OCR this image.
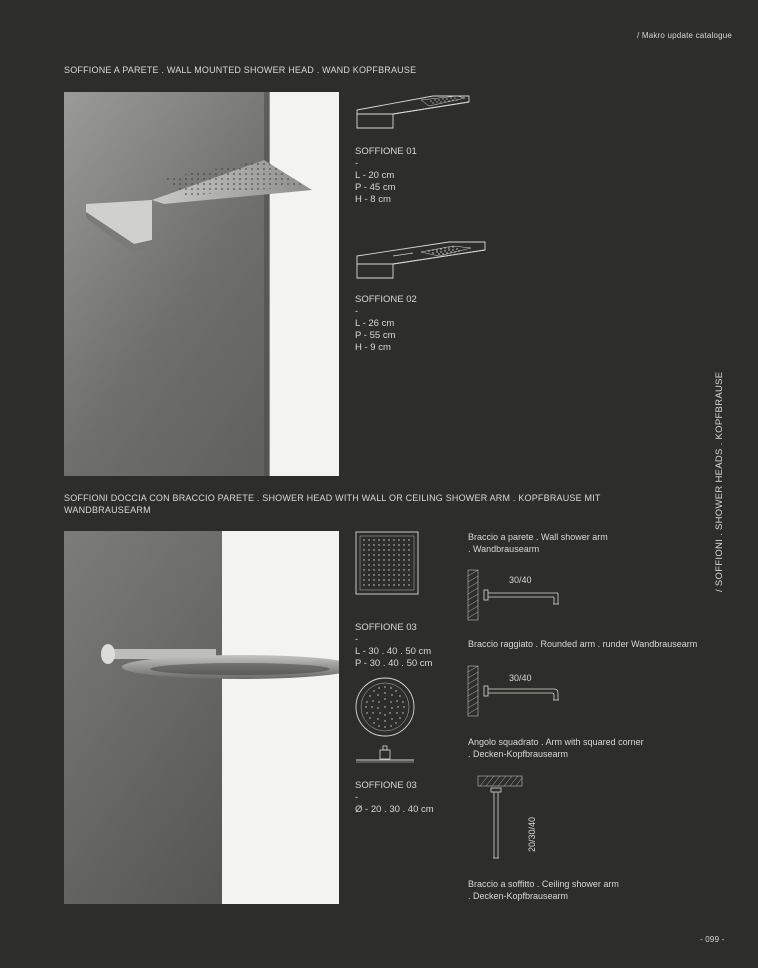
/ Makro update catalogue
SOFFIONE A PARETE . WALL MOUNTED SHOWER HEAD . WAND KOPFBRAUSE
SOFFIONE 01
-
L - 20 cm
P - 45 cm
H - 8 cm
SOFFIONE 02
-
L - 26 cm
P - 55 cm
H - 9 cm
/ SOFFIONI . SHOWER HEADS . KOPFBRAUSE
SOFFIONI DOCCIA CON BRACCIO PARETE . SHOWER HEAD WITH WALL OR CEILING SHOWER ARM . KOPFBRAUSE MIT
WANDBRAUSEARM
SOFFIONE 03
-
L - 30 . 40 . 50 cm
P - 30 . 40 . 50 cm
SOFFIONE 03
-
Ø - 20 . 30 . 40 cm
Braccio a parete . Wall shower arm
. Wandbrausearm
30/40
Braccio raggiato . Rounded arm . runder Wandbrausearm
30/40
Angolo squadrato . Arm with squared corner
. Decken-Kopfbrausearm
20/30/40
Braccio a soffitto . Ceiling shower arm
. Decken-Kopfbrausearm
- 099 -
